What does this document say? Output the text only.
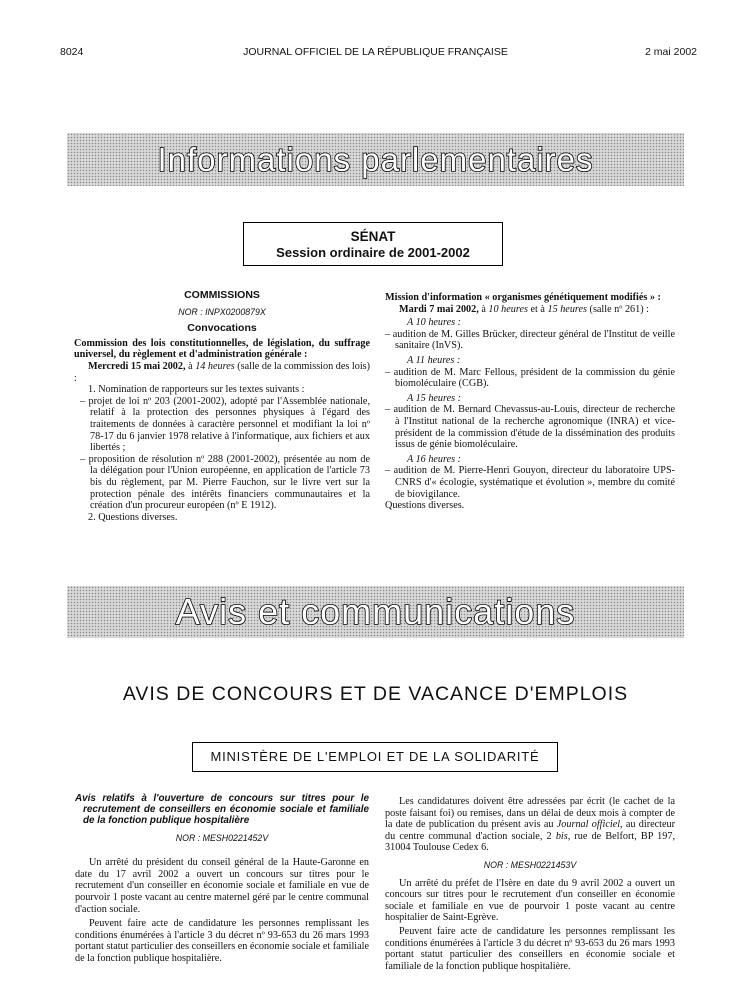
8024	JOURNAL OFFICIEL DE LA RÉPUBLIQUE FRANÇAISE	2 mai 2002
Informations parlementaires
SÉNAT
Session ordinaire de 2001-2002

COMMISSIONS

NOR : INPX0200879X

Convocations

Commission des lois constitutionnelles, de législation, du suffrage universel, du règlement et d'administration générale :

Mercredi 15 mai 2002, à 14 heures (salle de la commission des lois) :

1. Nomination de rapporteurs sur les textes suivants :

– projet de loi nº 203 (2001-2002), adopté par l'Assemblée nationale, relatif à la protection des personnes physiques à l'égard des traitements de données à caractère personnel et modifiant la loi nº 78-17 du 6 janvier 1978 relative à l'informatique, aux fichiers et aux libertés ;

– proposition de résolution nº 288 (2001-2002), présentée au nom de la délégation pour l'Union européenne, en application de l'article 73 bis du règlement, par M. Pierre Fauchon, sur le livre vert sur la protection pénale des intérêts financiers communautaires et la création d'un procureur européen (nº E 1912).

2. Questions diverses.

Mission d'information « organismes génétiquement modifiés » :

Mardi 7 mai 2002, à 10 heures et à 15 heures (salle nº 261) :

A 10 heures :

– audition de M. Gilles Brücker, directeur général de l'Institut de veille sanitaire (InVS).

A 11 heures :

– audition de M. Marc Fellous, président de la commission du génie biomoléculaire (CGB).

A 15 heures :

– audition de M. Bernard Chevassus-au-Louis, directeur de recherche à l'Institut national de la recherche agronomique (INRA) et vice-président de la commission d'étude de la dissémination des produits issus de génie biomoléculaire.

A 16 heures :

– audition de M. Pierre-Henri Gouyon, directeur du laboratoire UPS-CNRS d'« écologie, systématique et évolution », membre du comité de biovigilance.

Questions diverses.

Avis et communications
AVIS DE CONCOURS ET DE VACANCE D'EMPLOIS
MINISTÈRE DE L'EMPLOI ET DE LA SOLIDARITÉ

Avis relatifs à l'ouverture de concours sur titres pour le recrutement de conseillers en économie sociale et familiale de la fonction publique hospitalière

NOR : MESH0221452V

Un arrêté du président du conseil général de la Haute-Garonne en date du 17 avril 2002 a ouvert un concours sur titres pour le recrutement d'un conseiller en économie sociale et familiale en vue de pourvoir 1 poste vacant au centre maternel géré par le centre communal d'action sociale.

Peuvent faire acte de candidature les personnes remplissant les conditions énumérées à l'article 3 du décret nº 93-653 du 26 mars 1993 portant statut particulier des conseillers en économie sociale et familiale de la fonction publique hospitalière.

Les candidatures doivent être adressées par écrit (le cachet de la poste faisant foi) ou remises, dans un délai de deux mois à compter de la date de publication du présent avis au Journal officiel, au directeur du centre communal d'action sociale, 2 bis, rue de Belfort, BP 197, 31004 Toulouse Cedex 6.

NOR : MESH0221453V

Un arrêté du préfet de l'Isère en date du 9 avril 2002 a ouvert un concours sur titres pour le recrutement d'un conseiller en économie sociale et familiale en vue de pourvoir 1 poste vacant au centre hospitalier de Saint-Egrève.

Peuvent faire acte de candidature les personnes remplissant les conditions énumérées à l'article 3 du décret nº 93-653 du 26 mars 1993 portant statut particulier des conseillers en économie sociale et familiale de la fonction publique hospitalière.
